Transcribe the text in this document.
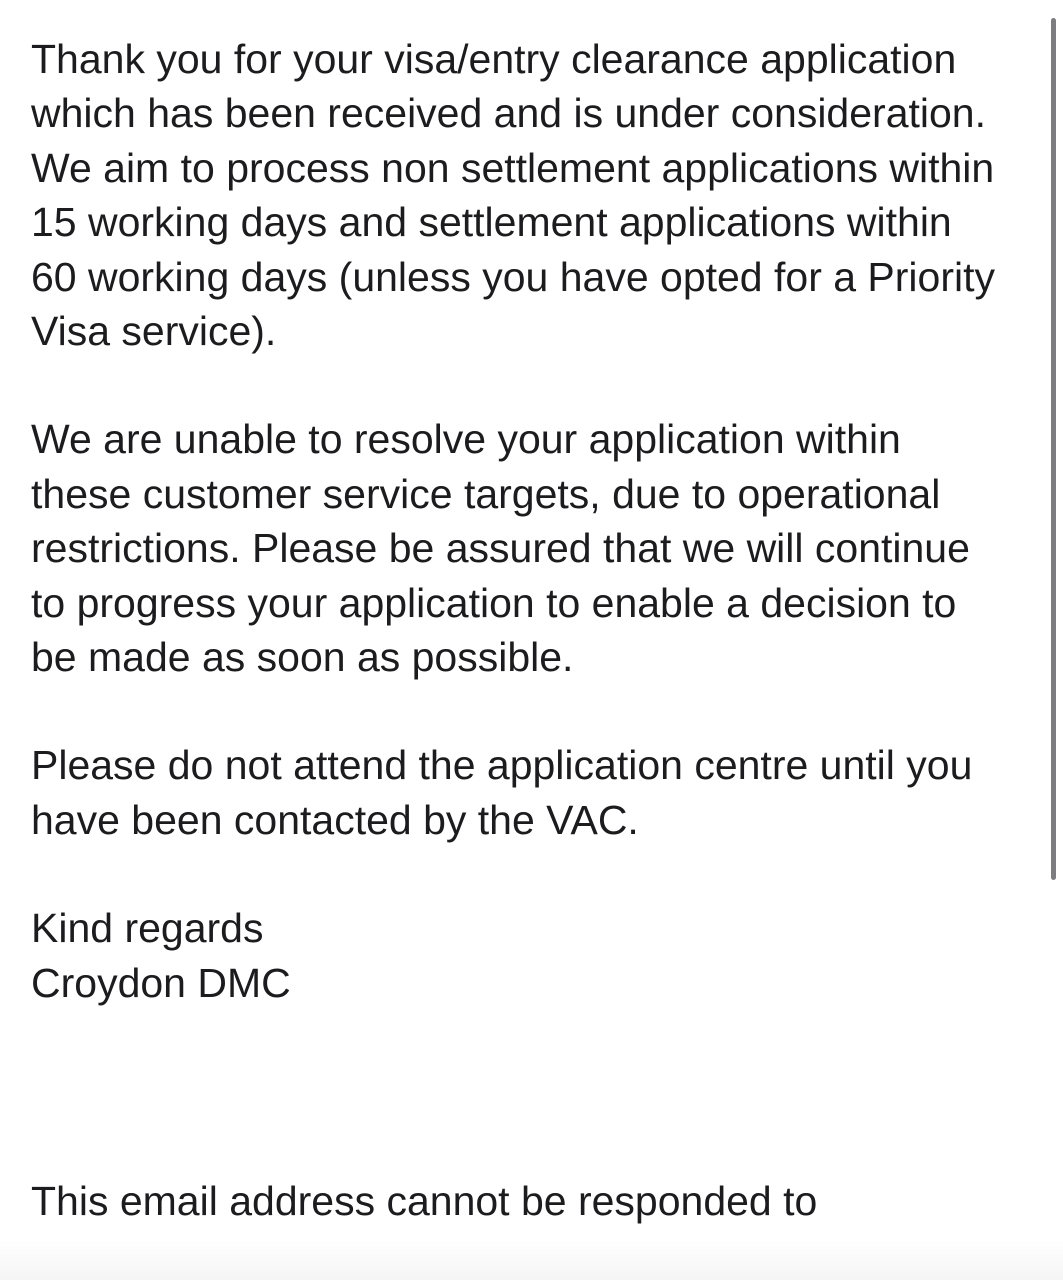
Thank you for your visa/entry clearance application
which has been received and is under consideration.
We aim to process non settlement applications within
15 working days and settlement applications within
60 working days (unless you have opted for a Priority
Visa service).

We are unable to resolve your application within
these customer service targets, due to operational
restrictions. Please be assured that we will continue
to progress your application to enable a decision to
be made as soon as possible.

Please do not attend the application centre until you
have been contacted by the VAC.

Kind regards
Croydon DMC
This email address cannot be responded to
